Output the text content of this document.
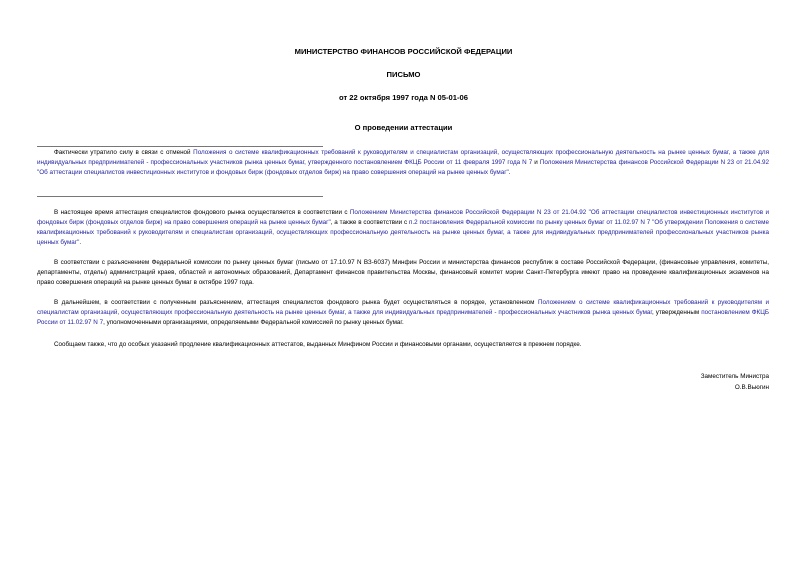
МИНИСТЕРСТВО ФИНАНСОВ РОССИЙСКОЙ ФЕДЕРАЦИИ
ПИСЬМО
от 22 октября 1997 года N 05-01-06
О проведении аттестации
Фактически утратило силу в связи с отменой Положения о системе квалификационных требований к руководителям и специалистам организаций, осуществляющих профессиональную деятельность на рынке ценных бумаг, а также для индивидуальных предпринимателей - профессиональных участников рынка ценных бумаг, утвержденного постановлением ФКЦБ России от 11 февраля 1997 года N 7 и Положения Министерства финансов Российской Федерации N 23 от 21.04.92 "Об аттестации специалистов инвестиционных институтов и фондовых бирж (фондовых отделов бирж) на право совершения операций на рынке ценных бумаг".
В настоящее время аттестация специалистов фондового рынка осуществляется в соответствии с Положением Министерства финансов Российской Федерации N 23 от 21.04.92 "Об аттестации специалистов инвестиционных институтов и фондовых бирж (фондовых отделов бирж) на право совершения операций на рынке ценных бумаг", а также в соответствии с п.2 постановления Федеральной комиссии по рынку ценных бумаг от 11.02.97 N 7 "Об утверждении Положения о системе квалификационных требований к руководителям и специалистам организаций, осуществляющих профессиональную деятельность на рынке ценных бумаг, а также для индивидуальных предпринимателей профессиональных участников рынка ценных бумаг".
В соответствии с разъяснением Федеральной комиссии по рынку ценных бумаг (письмо от 17.10.97 N ВЗ-6037) Минфин России и министерства финансов республик в составе Российской Федерации, (финансовые управления, комитеты, департаменты, отделы) администраций краев, областей и автономных образований, Департамент финансов правительства Москвы, финансовый комитет мэрии Санкт-Петербурга имеют право на проведение квалификационных экзаменов на право совершения операций на рынке ценных бумаг в октябре 1997 года.
В дальнейшем, в соответствии с полученным разъяснением, аттестация специалистов фондового рынка будет осуществляться в порядке, установленном Положением о системе квалификационных требований к руководителям и специалистам организаций, осуществляющих профессиональную деятельность на рынке ценных бумаг, а также для индивидуальных предпринимателей - профессиональных участников рынка ценных бумаг, утвержденным постановлением ФКЦБ России от 11.02.97 N 7, уполномоченными организациями, определяемыми Федеральной комиссией по рынку ценных бумаг.
Сообщаем также, что до особых указаний продление квалификационных аттестатов, выданных Минфином России и финансовыми органами, осуществляется в прежнем порядке.
Заместитель Министра
О.В.Вьюгин
